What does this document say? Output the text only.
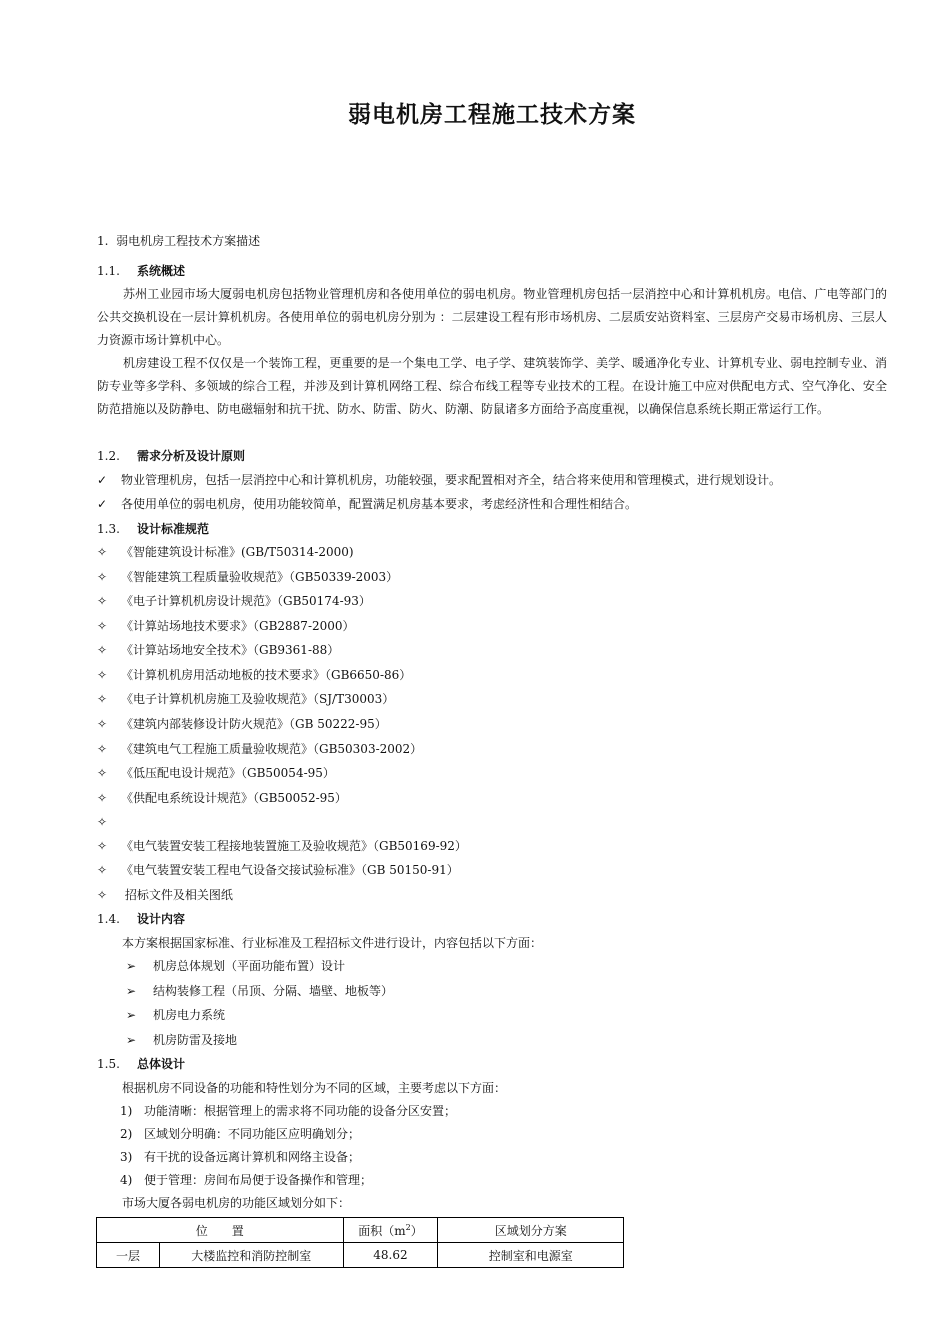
弱电机房工程施工技术方案
1. 弱电机房工程技术方案描述
1.1. 系统概述

苏州工业园市场大厦弱电机房包括物业管理机房和各使用单位的弱电机房。物业管理机房包括一层消控中心和计算机机房。电信、广电等部门的公共交换机设在一层计算机机房。各使用单位的弱电机房分别为 ：二层建设工程有形市场机房、二层质安站资料室、三层房产交易市场机房、三层人力资源市场计算机中心。

机房建设工程不仅仅是一个装饰工程，更重要的是一个集电工学、电子学、建筑装饰学、美学、暖通净化专业、计算机专业、弱电控制专业、消防专业等多学科、多领域的综合工程，并涉及到计算机网络工程、综合布线工程等专业技术的工程。在设计施工中应对供配电方式、空气净化、安全防范措施以及防静电、防电磁辐射和抗干扰、防水、防雷、防火、防潮、防鼠诸多方面给予高度重视，以确保信息系统长期正常运行工作。

1.2. 需求分析及设计原则
✓ 物业管理机房，包括一层消控中心和计算机机房，功能较强，要求配置相对齐全，结合将来使用和管理模式，进行规划设计。
✓ 各使用单位的弱电机房，使用功能较简单，配置满足机房基本要求，考虑经济性和合理性相结合。
1.3. 设计标准规范
✧ 《智能建筑设计标准》(GB/T50314-2000)
✧ 《智能建筑工程质量验收规范》（GB50339-2003）
✧ 《电子计算机机房设计规范》（GB50174-93）
✧ 《计算站场地技术要求》（GB2887-2000）
✧ 《计算站场地安全技术》（GB9361-88）
✧ 《计算机机房用活动地板的技术要求》（GB6650-86）
✧ 《电子计算机机房施工及验收规范》（SJ/T30003）
✧ 《建筑内部装修设计防火规范》（GB 50222-95）
✧ 《建筑电气工程施工质量验收规范》（GB50303-2002）
✧ 《低压配电设计规范》（GB50054-95）
✧ 《供配电系统设计规范》（GB50052-95）
✧
✧ 《电气装置安装工程接地装置施工及验收规范》（GB50169-92）
✧ 《电气装置安装工程电气设备交接试验标准》（GB 50150-91）
✧ 招标文件及相关图纸
1.4. 设计内容
本方案根据国家标准、行业标准及工程招标文件进行设计，内容包括以下方面：
➢ 机房总体规划（平面功能布置）设计
➢ 结构装修工程（吊顶、分隔、墙壁、地板等）
➢ 机房电力系统
➢ 机房防雷及接地
1.5. 总体设计
根据机房不同设备的功能和特性划分为不同的区域，主要考虑以下方面：
1) 功能清晰：根据管理上的需求将不同功能的设备分区安置；
2) 区域划分明确：不同功能区应明确划分；
3) 有干扰的设备远离计算机和网络主设备；
4) 便于管理：房间布局便于设备操作和管理；
市场大厦各弱电机房的功能区域划分如下：
位　　置		面积$(m^2)$	区域划分方案
一层	大楼监控和消防控制室	48.62	控制室和电源室
